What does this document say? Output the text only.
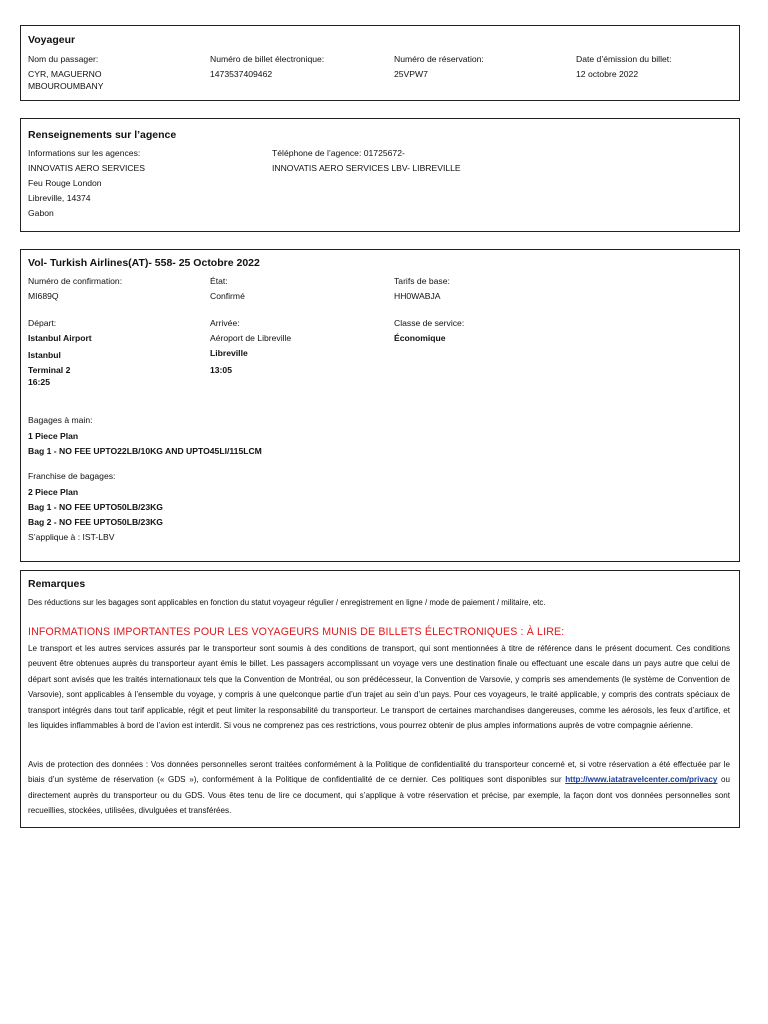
Voyageur
Nom du passager:
CYR, MAGUERNO
MBOUROUMBANY
Numéro de billet électronique:
1473537409462
Numéro de réservation:
25VPW7
Date d’émission du billet:
12 octobre 2022
Renseignements sur l’agence
Informations sur les agences:
INNOVATIS AERO SERVICES
Feu Rouge London
Libreville, 14374
Gabon
Téléphone de l’agence: 01725672-
INNOVATIS AERO SERVICES LBV- LIBREVILLE
Vol- Turkish Airlines(AT)- 558- 25 Octobre 2022
Numéro de confirmation:
MI689Q
État:
Confirmé
Tarifs de base:
HH0WABJA
Départ:
Istanbul Airport
Istanbul
Terminal 2
16:25
Arrivée:
Aéroport de Libreville
Libreville
13:05
Classe de service:
Économique
Bagages à main:
1 Piece Plan
Bag 1 - NO FEE UPTO22LB/10KG AND UPTO45LI/115LCM
Franchise de bagages:
2 Piece Plan
Bag 1 - NO FEE UPTO50LB/23KG
Bag 2 - NO FEE UPTO50LB/23KG
S’applique à : IST-LBV
Remarques
Des réductions sur les bagages sont applicables en fonction du statut voyageur régulier / enregistrement en ligne / mode de paiement / militaire, etc.
INFORMATIONS IMPORTANTES POUR LES VOYAGEURS MUNIS DE BILLETS ÉLECTRONIQUES : À LIRE:
Le transport et les autres services assurés par le transporteur sont soumis à des conditions de transport, qui sont mentionnées à titre de référence dans le présent document. Ces conditions peuvent être obtenues auprès du transporteur ayant émis le billet. Les passagers accomplissant un voyage vers une destination finale ou effectuant une escale dans un pays autre que celui de départ sont avisés que les traités internationaux tels que la Convention de Montréal, ou son prédécesseur, la Convention de Varsovie, y compris ses amendements (le système de Convention de Varsovie), sont applicables à l’ensemble du voyage, y compris à une quelconque partie d’un trajet au sein d’un pays. Pour ces voyageurs, le traité applicable, y compris des contrats spéciaux de transport intégrés dans tout tarif applicable, régit et peut limiter la responsabilité du transporteur. Le transport de certaines marchandises dangereuses, comme les aérosols, les feux d’artifice, et les liquides inflammables à bord de l’avion est interdit. Si vous ne comprenez pas ces restrictions, vous pourrez obtenir de plus amples informations auprès de votre compagnie aérienne.
Avis de protection des données : Vos données personnelles seront traitées conformément à la Politique de confidentialité du transporteur concerné et, si votre réservation a été effectuée par le biais d’un système de réservation (« GDS »), conformément à la Politique de confidentialité de ce dernier. Ces politiques sont disponibles sur http://www.iatatravelcenter.com/privacy ou directement auprès du transporteur ou du GDS. Vous êtes tenu de lire ce document, qui s’applique à votre réservation et précise, par exemple, la façon dont vos données personnelles sont recueillies, stockées, utilisées, divulguées et transférées.
